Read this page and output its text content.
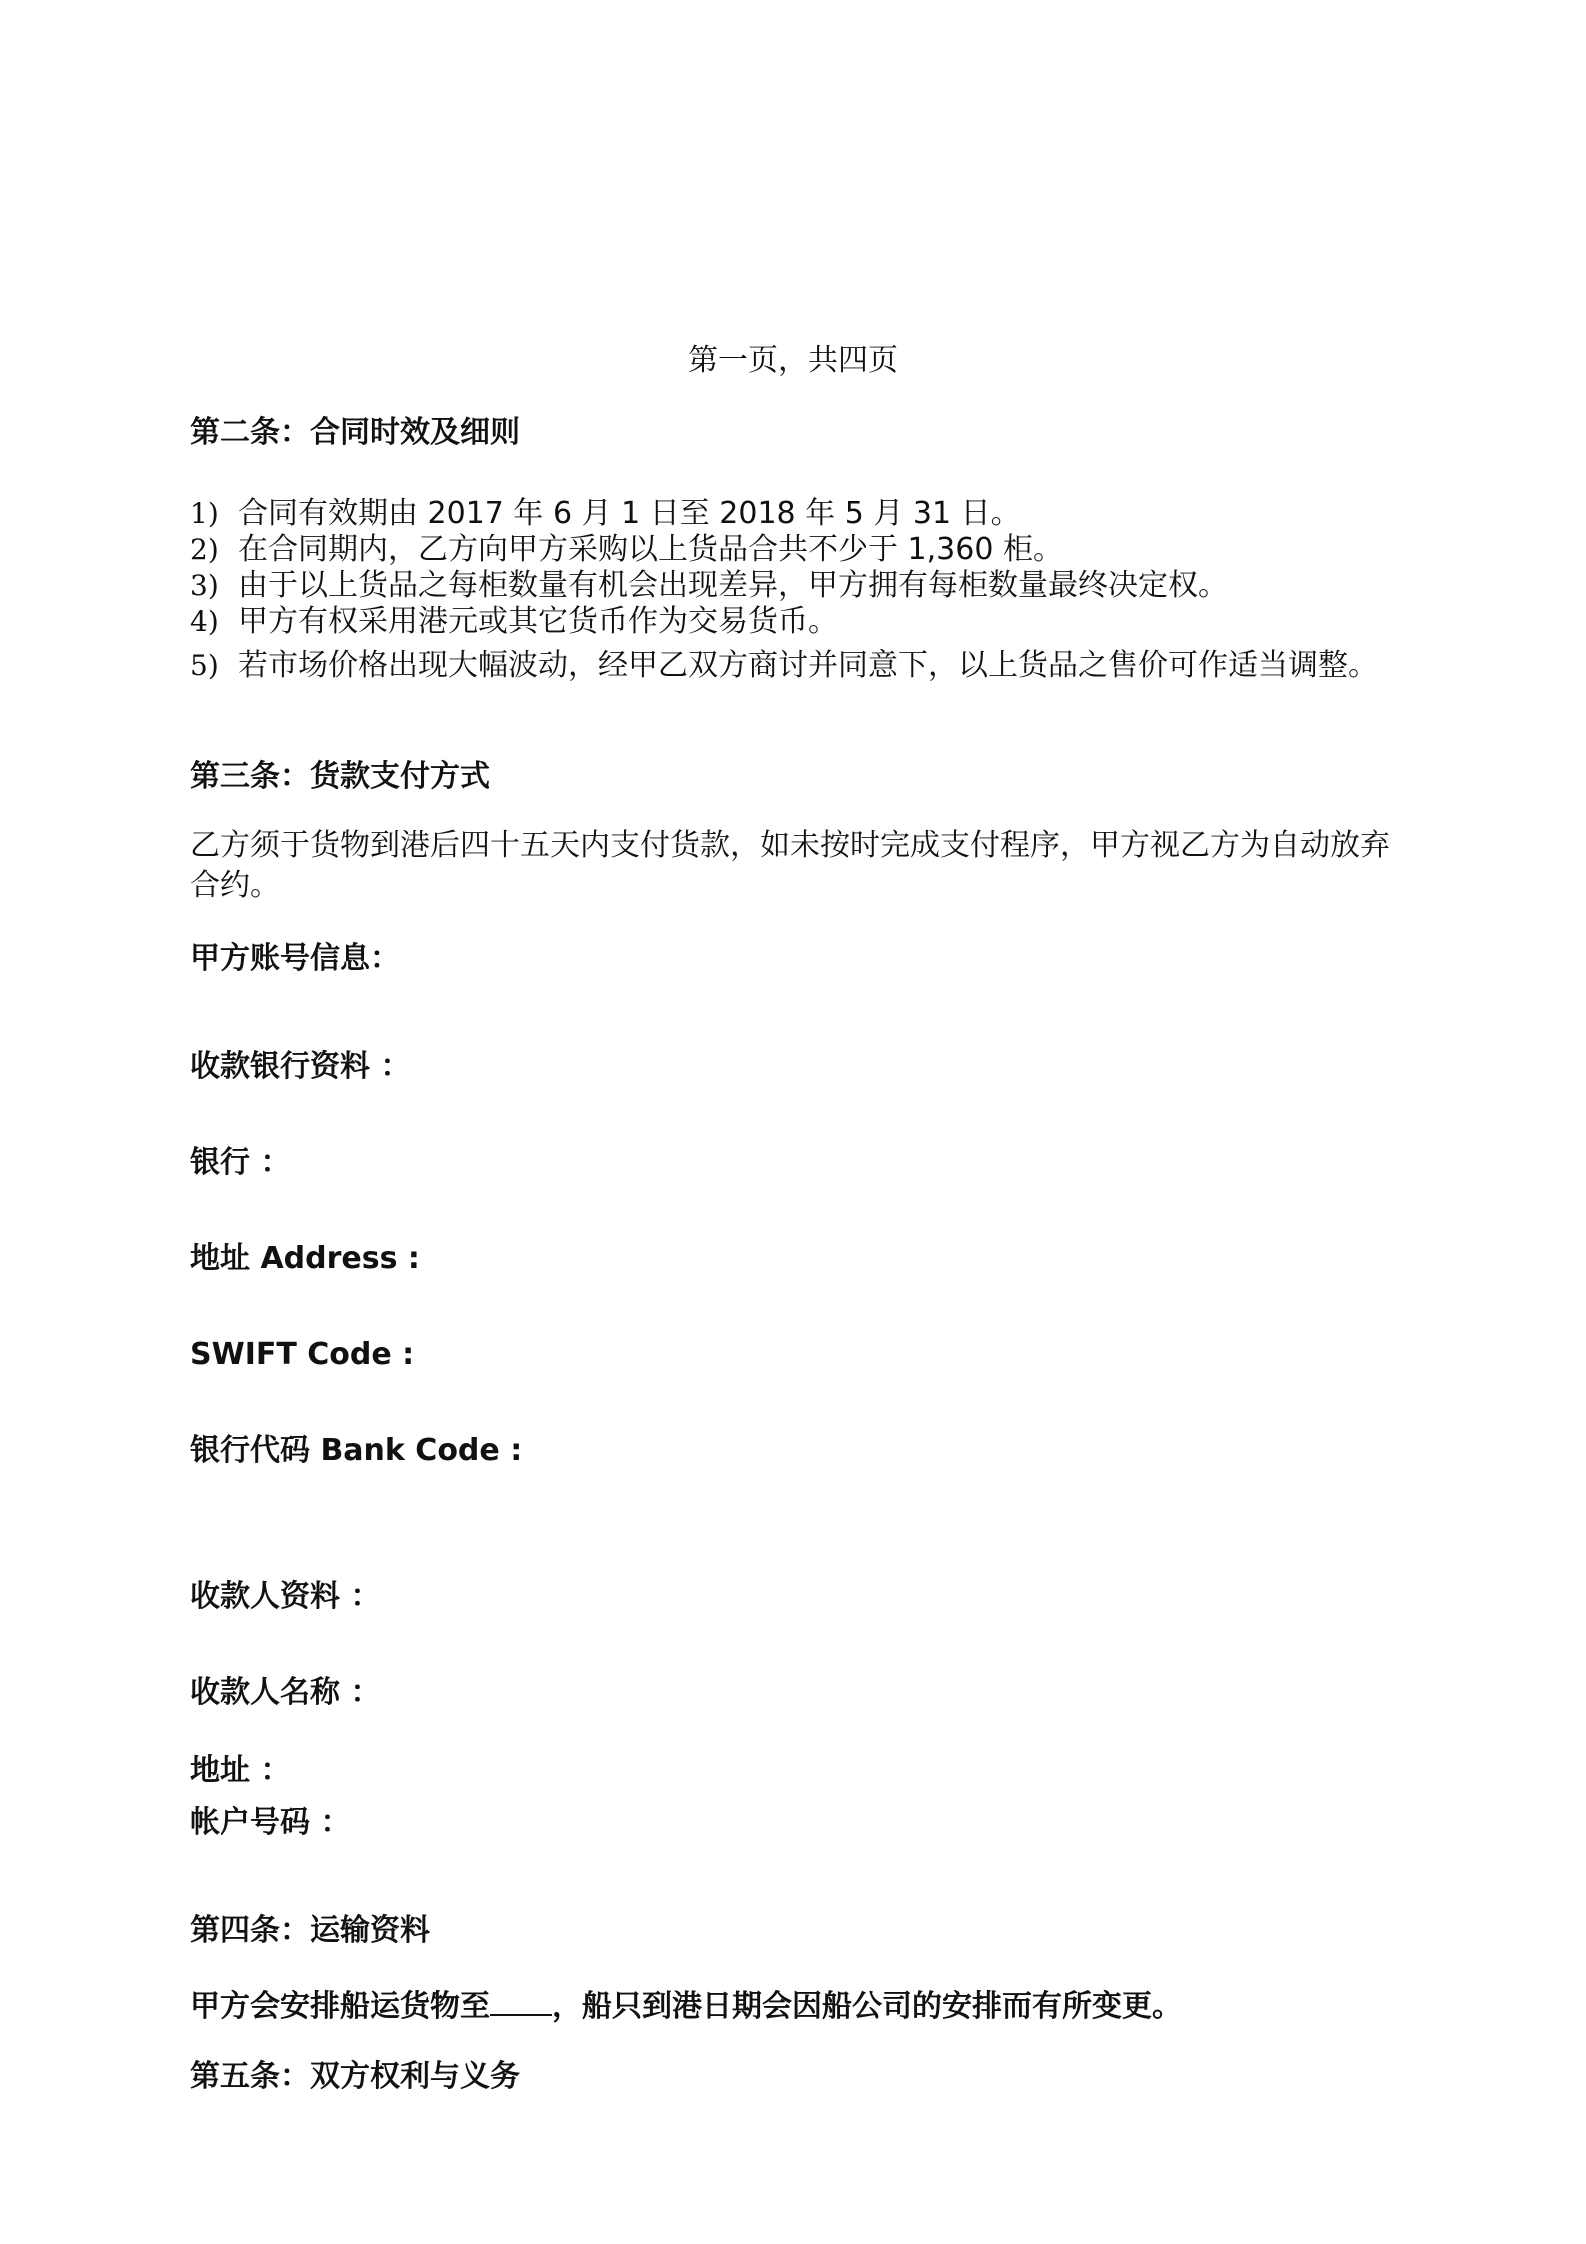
第一页，共四页
第二条：合同时效及细则
1) 合同有效期由 2017 年 6 月 1 日至 2018 年 5 月 31 日。
2) 在合同期内，乙方向甲方采购以上货品合共不少于 1,360 柜。
3) 由于以上货品之每柜数量有机会出现差异，甲方拥有每柜数量最终决定权。
4) 甲方有权采用港元或其它货币作为交易货币。
5) 若市场价格出现大幅波动，经甲乙双方商讨并同意下，以上货品之售价可作适当调整。
第三条：货款支付方式
乙方须于货物到港后四十五天内支付货款，如未按时完成支付程序，甲方视乙方为自动放弃合约。
甲方账号信息：
收款银行资料 ：
银行 ：
地址 Address :
SWIFT Code :
银行代码 Bank Code :
收款人资料 ：
收款人名称 ：
地址 ：
帐户号码 ：
第四条：运输资料
甲方会安排船运货物至 ，船只到港日期会因船公司的安排而有所变更。
第五条：双方权利与义务
